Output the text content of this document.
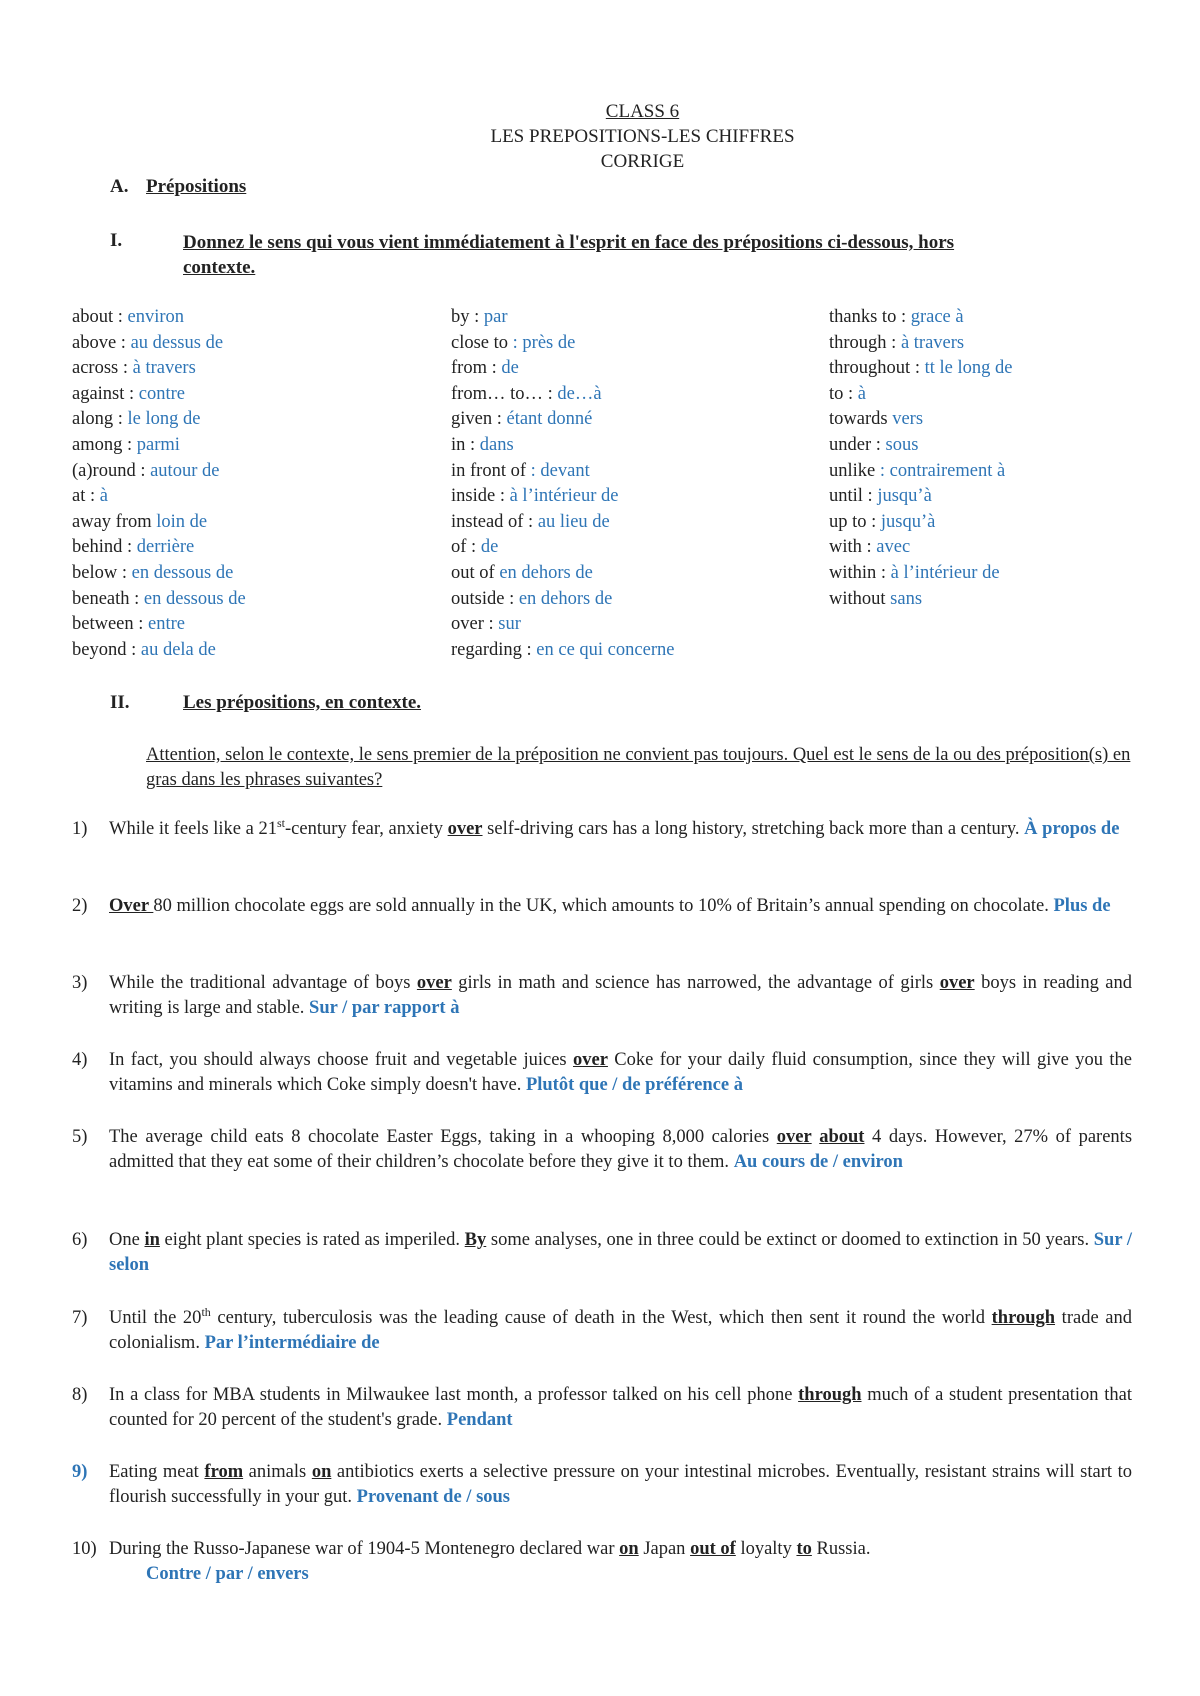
CLASS 6
LES PREPOSITIONS-LES CHIFFRES
CORRIGE
A. Prépositions
I.	Donnez le sens qui vous vient immédiatement à l'esprit en face des prépositions ci-dessous, hors
contexte.
about : environ
above : au dessus de
across : à travers
against : contre
along : le long de
among : parmi
(a)round : autour de
at : à
away from loin de
behind : derrière
below : en dessous de
beneath : en dessous de
between : entre
beyond : au dela de
by : par
close to : près de
from : de
from… to… : de…à
given : étant donné
in : dans
in front of : devant
inside : à l’intérieur de
instead of : au lieu de
of : de
out of en dehors de
outside : en dehors de
over : sur
regarding : en ce qui concerne
thanks to : grace à
through : à travers
throughout : tt le long de
to : à
towards vers
under : sous
unlike : contrairement à
until : jusqu’à
up to : jusqu’à
with : avec
within : à l’intérieur de
without sans
II.	Les prépositions, en contexte.
Attention, selon le contexte, le sens premier de la préposition ne convient pas toujours. Quel est le sens de la ou des préposition(s) en gras dans les phrases suivantes?
1)	While it feels like a 21st-century fear, anxiety over self-driving cars has a long history, stretching back more than a century. À propos de
2)	Over 80 million chocolate eggs are sold annually in the UK, which amounts to 10% of Britain’s annual spending on chocolate. Plus de
3)	While the traditional advantage of boys over girls in math and science has narrowed, the advantage of girls over boys in reading and writing is large and stable. Sur / par rapport à
4)	In fact, you should always choose fruit and vegetable juices over Coke for your daily fluid consumption, since they will give you the vitamins and minerals which Coke simply doesn't have. Plutôt que / de préférence à
5)	The average child eats 8 chocolate Easter Eggs, taking in a whooping 8,000 calories over about 4 days. However, 27% of parents admitted that they eat some of their children’s chocolate before they give it to them. Au cours de / environ
6)	One in eight plant species is rated as imperiled. By some analyses, one in three could be extinct or doomed to extinction in 50 years. Sur / selon
7)	Until the 20th century, tuberculosis was the leading cause of death in the West, which then sent it round the world through trade and colonialism. Par l’intermédiaire de
8)	In a class for MBA students in Milwaukee last month, a professor talked on his cell phone through much of a student presentation that counted for 20 percent of the student's grade. Pendant
9)	Eating meat from animals on antibiotics exerts a selective pressure on your intestinal microbes. Eventually, resistant strains will start to flourish successfully in your gut. Provenant de / sous
10) During the Russo-Japanese war of 1904-5 Montenegro declared war on Japan out of loyalty to Russia.
Contre / par / envers
